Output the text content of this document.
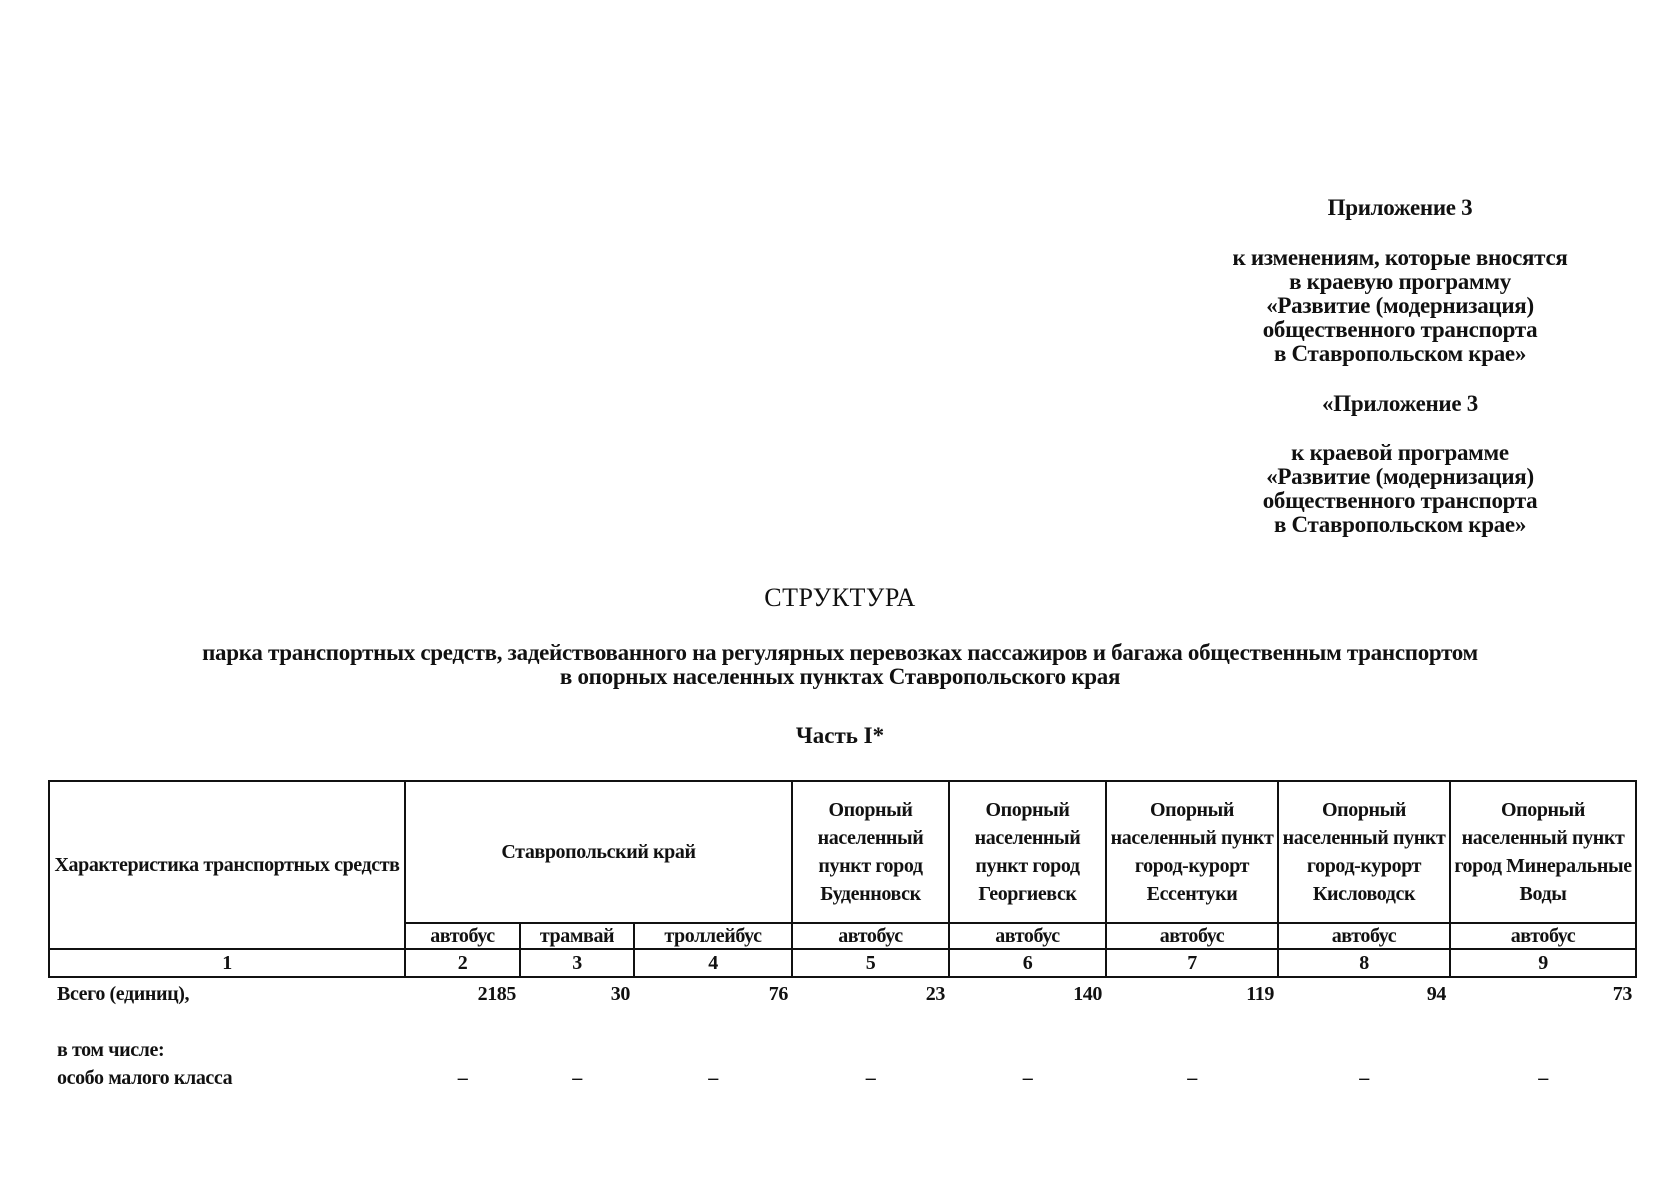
Приложение 3
к изменениям, которые вносятся
в краевую программу
«Развитие (модернизация)
общественного транспорта
в Ставропольском крае»
«Приложение 3
к краевой программе
«Развитие (модернизация)
общественного транспорта
в Ставропольском крае»
СТРУКТУРА
парка транспортных средств, задействованного на регулярных перевозках пассажиров и багажа общественным транспортом
в опорных населенных пунктах Ставропольского края
Часть I*
Характеристика транспортных средств	Ставропольский край			Опорный населенный пункт город Буденновск	Опорный населенный пункт город Георгиевск	Опорный населенный пункт город-курорт Ессентуки	Опорный населенный пункт город-курорт Кисловодск	Опорный населенный пункт город Минеральные Воды
	автобус	трамвай	троллейбус	автобус	автобус	автобус	автобус	автобус
1	2	3	4	5	6	7	8	9
Всего (единиц),	2185	30	76	23	140	119	94	73

в том числе:								
особо малого класса	–	–	–	–	–	–	–	–
